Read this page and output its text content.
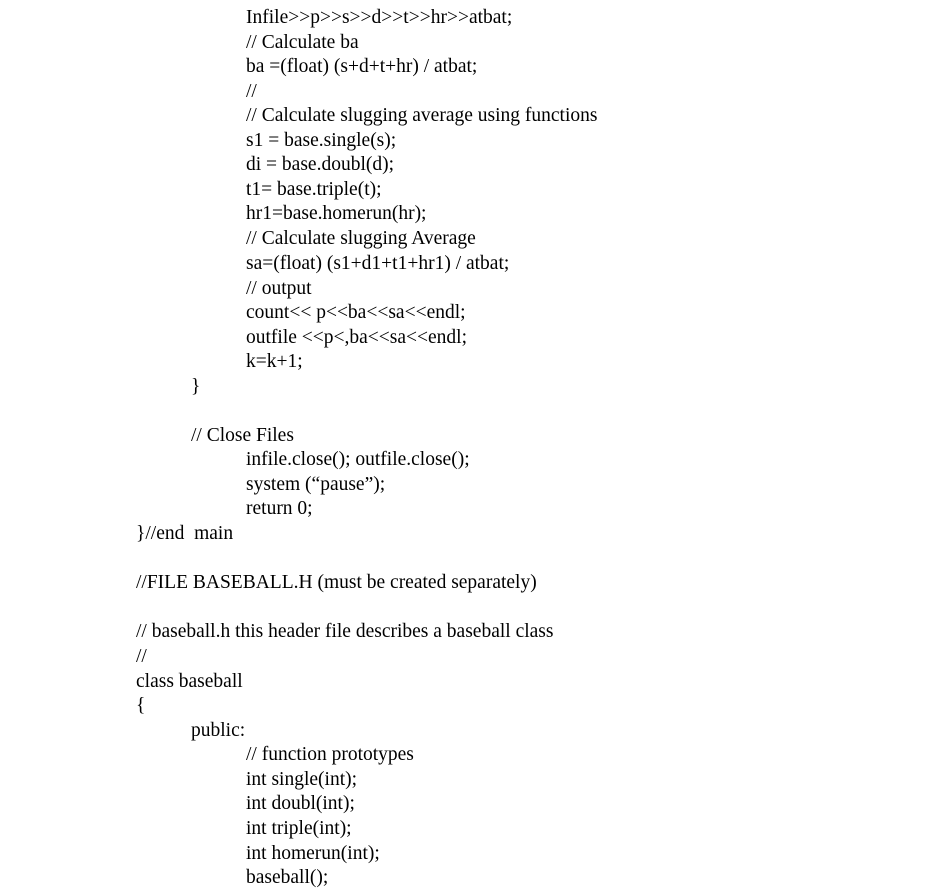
Infile>>p>>s>>d>>t>>hr>>atbat;
// Calculate ba
ba =(float) (s+d+t+hr) / atbat;
//
// Calculate slugging average using functions
s1 = base.single(s);
di = base.doubl(d);
t1= base.triple(t);
hr1=base.homerun(hr);
// Calculate slugging Average
sa=(float) (s1+d1+t1+hr1) / atbat;
// output
count<< p<<ba<<sa<<endl;
outfile <<p<,ba<<sa<<endl;
k=k+1;
}
// Close Files
infile.close(); outfile.close();
system (“pause”);
return 0;
}//end  main
//FILE BASEBALL.H (must be created separately)
// baseball.h this header file describes a baseball class
//
class baseball
{
public:
// function prototypes
int single(int);
int doubl(int);
int triple(int);
int homerun(int);
baseball();
